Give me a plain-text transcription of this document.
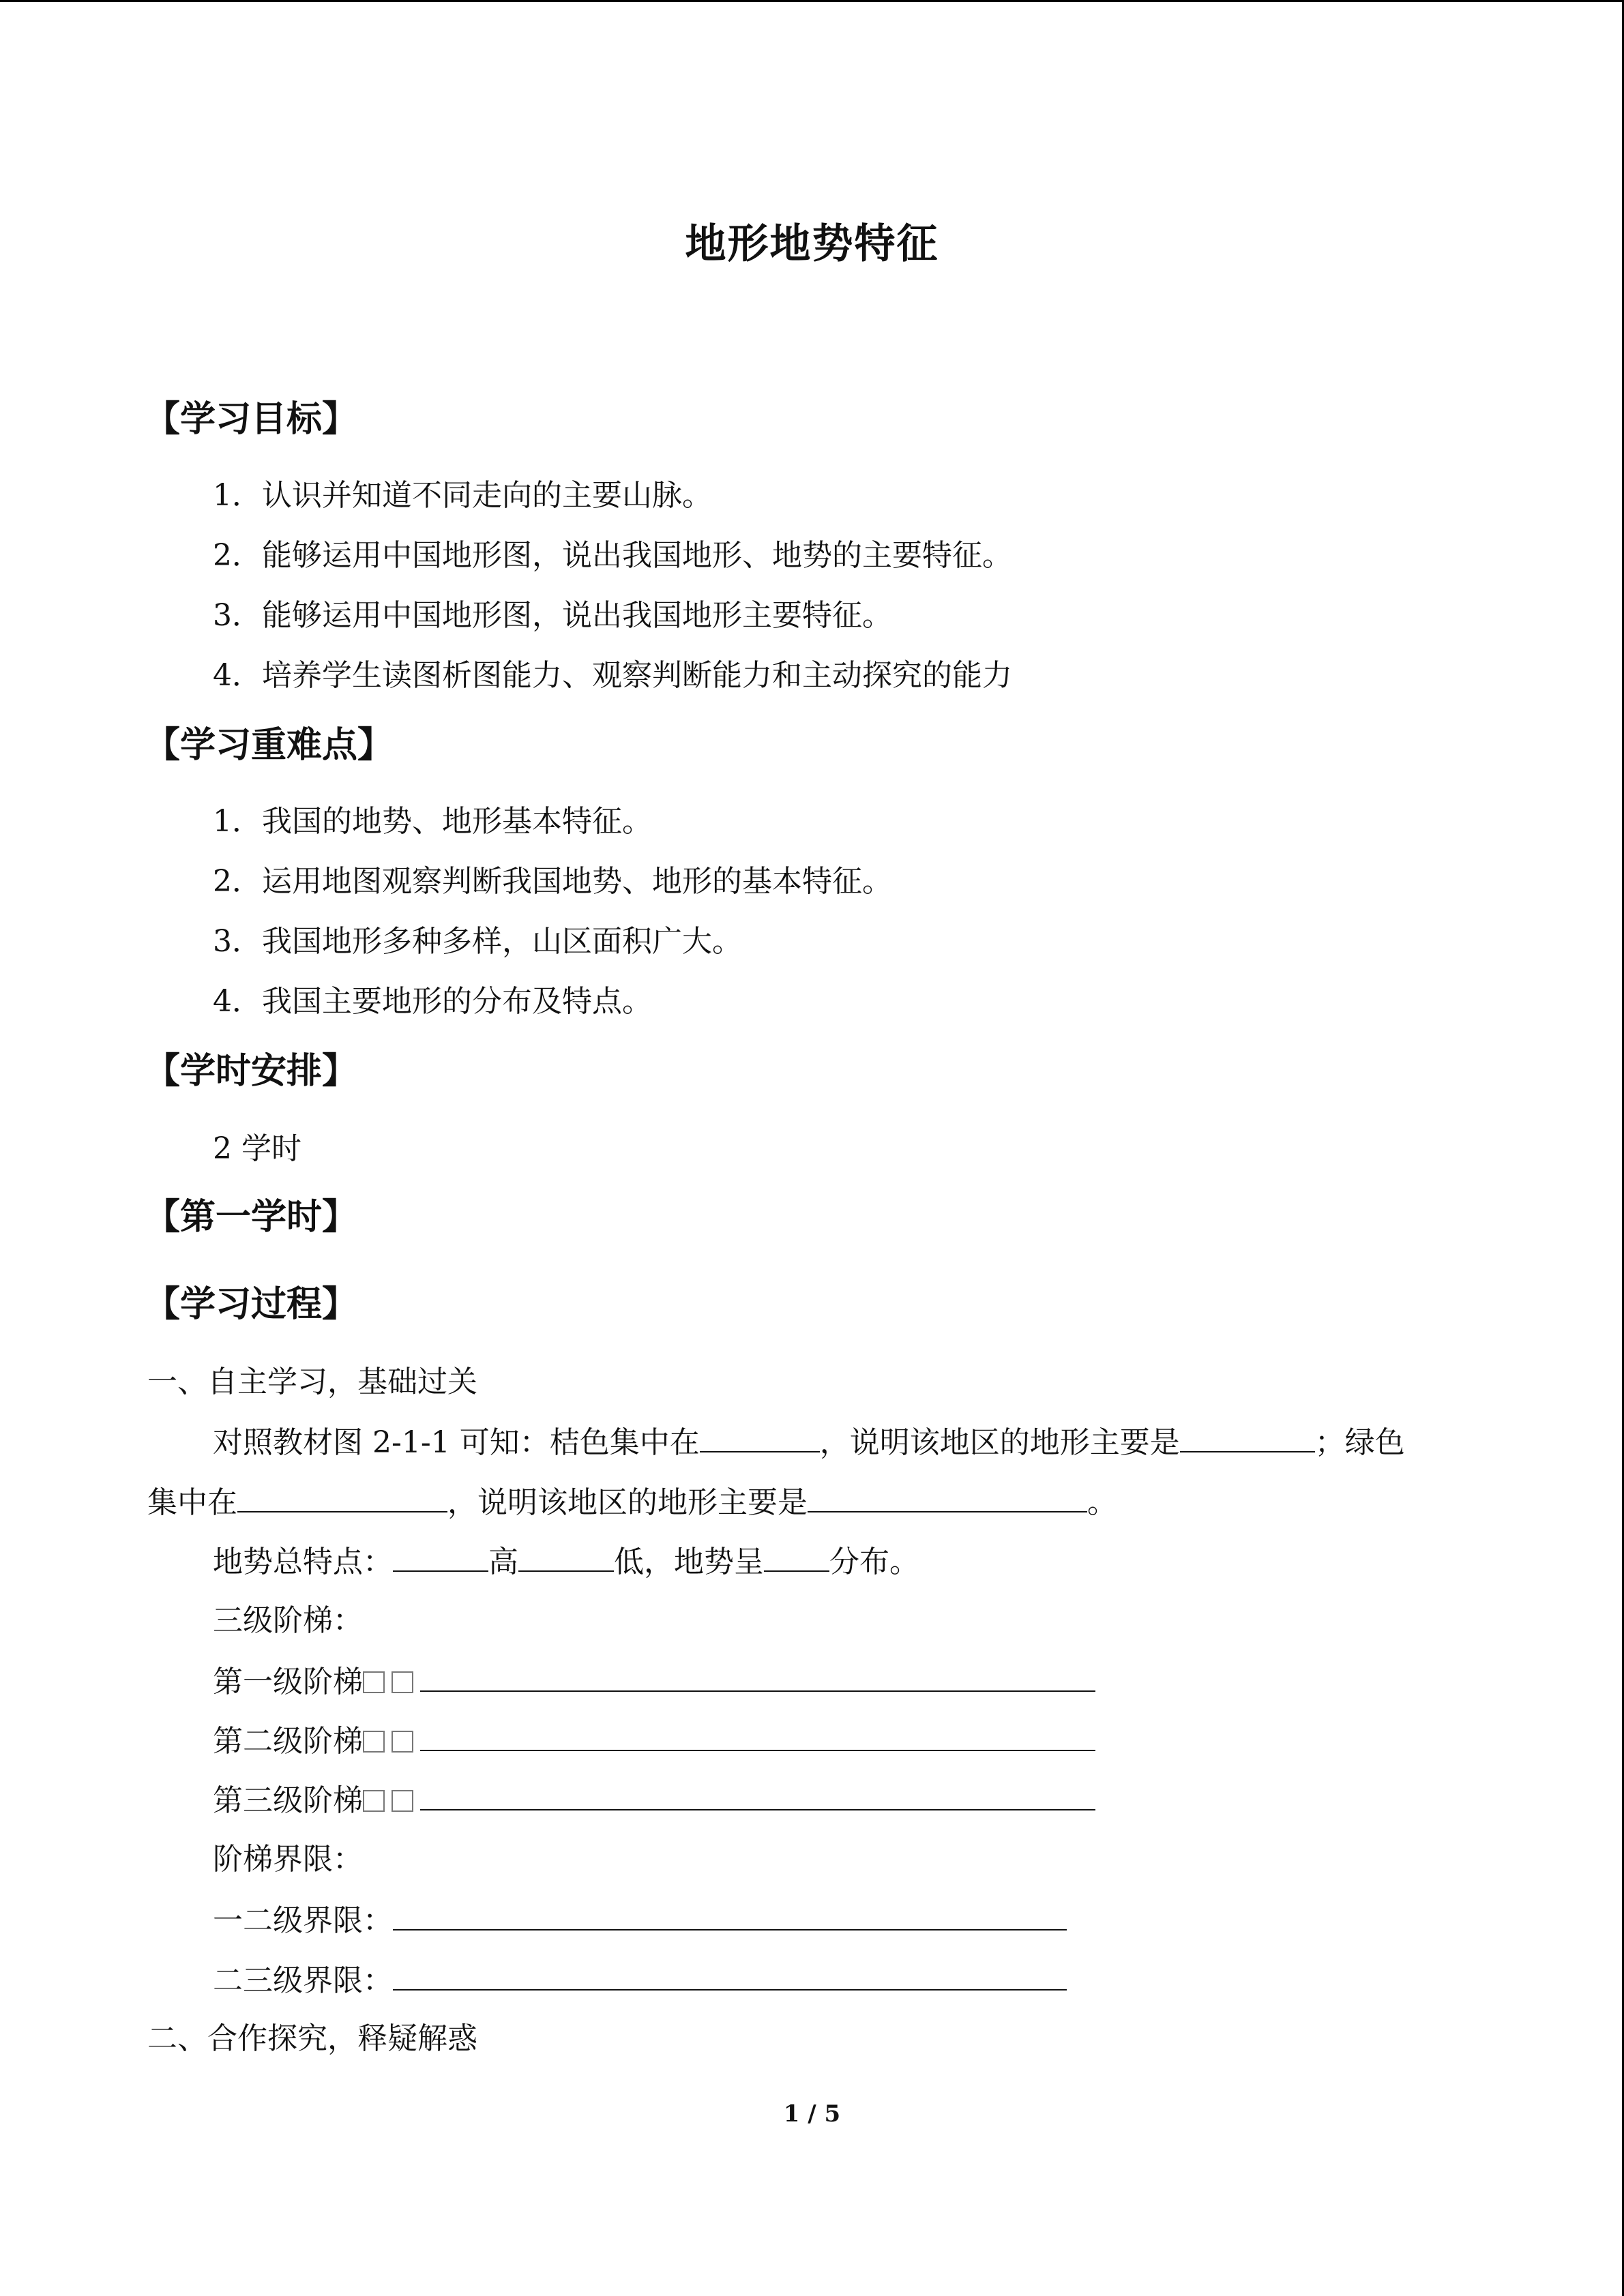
地形地势特征
【学习目标】
1．认识并知道不同走向的主要山脉。
2．能够运用中国地形图，说出我国地形、地势的主要特征。
3．能够运用中国地形图，说出我国地形主要特征。
4．培养学生读图析图能力、观察判断能力和主动探究的能力
【学习重难点】
1．我国的地势、地形基本特征。
2．运用地图观察判断我国地势、地形的基本特征。
3．我国地形多种多样，山区面积广大。
4．我国主要地形的分布及特点。
【学时安排】
2 学时
【第一学时】
【学习过程】
一、自主学习，基础过关
对照教材图 2-1-1 可知：桔色集中在	，说明该地区的地形主要是	；绿色
集中在	，说明该地区的地形主要是	。
地势总特点：	高	低，地势呈 分布。
三级阶梯：
第一级阶梯
第二级阶梯
第三级阶梯
阶梯界限：
一二级界限：
二三级界限：
二、合作探究，释疑解惑
1 / 5
